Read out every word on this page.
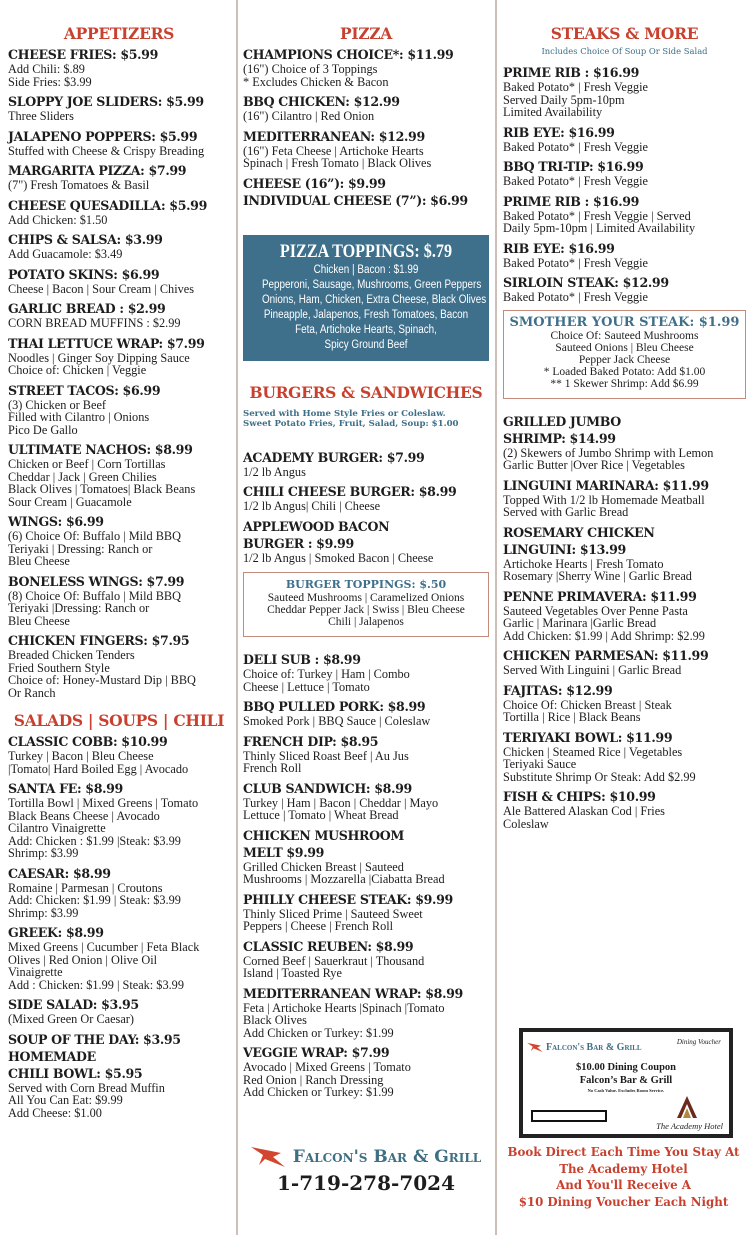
APPETIZERS
CHEESE FRIES: $5.99
Add Chili: $.89
Side Fries: $3.99
SLOPPY JOE SLIDERS: $5.99
Three Sliders
JALAPENO POPPERS: $5.99
Stuffed with Cheese & Crispy Breading
MARGARITA PIZZA: $7.99
(7") Fresh Tomatoes & Basil
CHEESE QUESADILLA: $5.99
Add Chicken: $1.50
CHIPS & SALSA: $3.99
Add Guacamole: $3.49
POTATO SKINS: $6.99
Cheese | Bacon | Sour Cream | Chives
GARLIC BREAD : $2.99
CORN BREAD MUFFINS : $2.99
THAI LETTUCE WRAP: $7.99
Noodles | Ginger Soy Dipping Sauce
Choice of: Chicken | Veggie
STREET TACOS: $6.99
(3) Chicken or Beef
Filled with Cilantro | Onions
Pico De Gallo
ULTIMATE NACHOS: $8.99
Chicken or Beef | Corn Tortillas
Cheddar | Jack | Green Chilies
Black Olives | Tomatoes| Black Beans
Sour Cream | Guacamole
WINGS: $6.99
(6) Choice Of: Buffalo | Mild BBQ
Teriyaki | Dressing: Ranch or
Bleu Cheese
BONELESS WINGS: $7.99
(8) Choice Of: Buffalo | Mild BBQ
Teriyaki |Dressing: Ranch or
Bleu Cheese
CHICKEN FINGERS: $7.95
Breaded Chicken Tenders
Fried Southern Style
Choice of: Honey-Mustard Dip | BBQ
Or Ranch
SALADS | SOUPS | CHILI
CLASSIC COBB: $10.99
Turkey | Bacon | Bleu Cheese
|Tomato| Hard Boiled Egg | Avocado
SANTA FE: $8.99
Tortilla Bowl | Mixed Greens | Tomato
Black Beans Cheese | Avocado
Cilantro Vinaigrette
Add: Chicken : $1.99 |Steak: $3.99
Shrimp: $3.99
CAESAR: $8.99
Romaine | Parmesan | Croutons
Add: Chicken: $1.99 | Steak: $3.99
Shrimp: $3.99
GREEK: $8.99
Mixed Greens | Cucumber | Feta Black
Olives | Red Onion | Olive Oil
Vinaigrette
Add : Chicken: $1.99 | Steak: $3.99
SIDE SALAD: $3.95
(Mixed Green Or Caesar)
SOUP OF THE DAY: $3.95
HOMEMADE
CHILI BOWL: $5.95
Served with Corn Bread Muffin
All You Can Eat: $9.99
Add Cheese: $1.00
PIZZA
CHAMPIONS CHOICE*: $11.99
(16") Choice of 3 Toppings
* Excludes Chicken & Bacon
BBQ CHICKEN: $12.99
(16") Cilantro | Red Onion
MEDITERRANEAN: $12.99
(16") Feta Cheese | Artichoke Hearts
Spinach | Fresh Tomato | Black Olives
CHEESE (16”): $9.99
INDIVIDUAL CHEESE (7”): $6.99
PIZZA TOPPINGS: $.79
Chicken | Bacon : $1.99
Pepperoni, Sausage, Mushrooms, Green Peppers
Onions, Ham, Chicken, Extra Cheese, Black Olives
Pineapple, Jalapenos, Fresh Tomatoes, Bacon
Feta, Artichoke Hearts, Spinach,
Spicy Ground Beef
BURGERS & SANDWICHES
Served with Home Style Fries or Coleslaw.
Sweet Potato Fries, Fruit, Salad, Soup: $1.00
ACADEMY BURGER: $7.99
1/2 lb Angus
CHILI CHEESE BURGER: $8.99
1/2 lb Angus| Chili | Cheese
APPLEWOOD BACON
BURGER : $9.99
1/2 lb Angus | Smoked Bacon | Cheese
BURGER TOPPINGS: $.50
Sauteed Mushrooms | Caramelized Onions
Cheddar Pepper Jack | Swiss | Bleu Cheese
Chili | Jalapenos
DELI SUB : $8.99
Choice of: Turkey | Ham | Combo
Cheese | Lettuce | Tomato
BBQ PULLED PORK: $8.99
Smoked Pork | BBQ Sauce | Coleslaw
FRENCH DIP: $8.95
Thinly Sliced Roast Beef | Au Jus
French Roll
CLUB SANDWICH: $8.99
Turkey | Ham | Bacon | Cheddar | Mayo
Lettuce | Tomato | Wheat Bread
CHICKEN MUSHROOM
MELT $9.99
Grilled Chicken Breast | Sauteed
Mushrooms | Mozzarella |Ciabatta Bread
PHILLY CHEESE STEAK: $9.99
Thinly Sliced Prime | Sauteed Sweet
Peppers | Cheese | French Roll
CLASSIC REUBEN: $8.99
Corned Beef | Sauerkraut | Thousand
Island | Toasted Rye
MEDITERRANEAN WRAP: $8.99
Feta | Artichoke Hearts |Spinach |Tomato
Black Olives
Add Chicken or Turkey: $1.99
VEGGIE WRAP: $7.99
Avocado | Mixed Greens | Tomato
Red Onion | Ranch Dressing
Add Chicken or Turkey: $1.99
Falcon's Bar & Grill
1-719-278-7024
STEAKS & MORE
Includes Choice Of Soup Or Side Salad
PRIME RIB : $16.99
Baked Potato* | Fresh Veggie
Served Daily 5pm-10pm
Limited Availability
RIB EYE: $16.99
Baked Potato* | Fresh Veggie
BBQ TRI-TIP: $16.99
Baked Potato* | Fresh Veggie
PRIME RIB : $16.99
Baked Potato* | Fresh Veggie | Served
Daily 5pm-10pm | Limited Availability
RIB EYE: $16.99
Baked Potato* | Fresh Veggie
SIRLOIN STEAK: $12.99
Baked Potato* | Fresh Veggie
SMOTHER YOUR STEAK: $1.99
Choice Of: Sauteed Mushrooms
Sauteed Onions | Bleu Cheese
Pepper Jack Cheese
* Loaded Baked Potato: Add $1.00
** 1 Skewer Shrimp: Add $6.99
GRILLED JUMBO
SHRIMP: $14.99
(2) Skewers of Jumbo Shrimp with Lemon
Garlic Butter |Over Rice | Vegetables
LINGUINI MARINARA: $11.99
Topped With 1/2 lb Homemade Meatball
Served with Garlic Bread
ROSEMARY CHICKEN
LINGUINI: $13.99
Artichoke Hearts | Fresh Tomato
Rosemary |Sherry Wine | Garlic Bread
PENNE PRIMAVERA: $11.99
Sauteed Vegetables Over Penne Pasta
Garlic | Marinara |Garlic Bread
Add Chicken: $1.99 | Add Shrimp: $2.99
CHICKEN PARMESAN: $11.99
Served With Linguini | Garlic Bread
FAJITAS: $12.99
Choice Of: Chicken Breast | Steak
Tortilla | Rice | Black Beans
TERIYAKI BOWL: $11.99
Chicken | Steamed Rice | Vegetables
Teriyaki Sauce
Substitute Shrimp Or Steak: Add $2.99
FISH & CHIPS: $10.99
Ale Battered Alaskan Cod | Fries
Coleslaw
Falcon's Bar & Grill	Dining Voucher
$10.00 Dining Coupon
Falcon’s Bar & Grill
No Cash Value. Excludes Room Service.
The Academy Hotel
Book Direct Each Time You Stay At
The Academy Hotel
And You'll Receive A
$10 Dining Voucher Each Night
